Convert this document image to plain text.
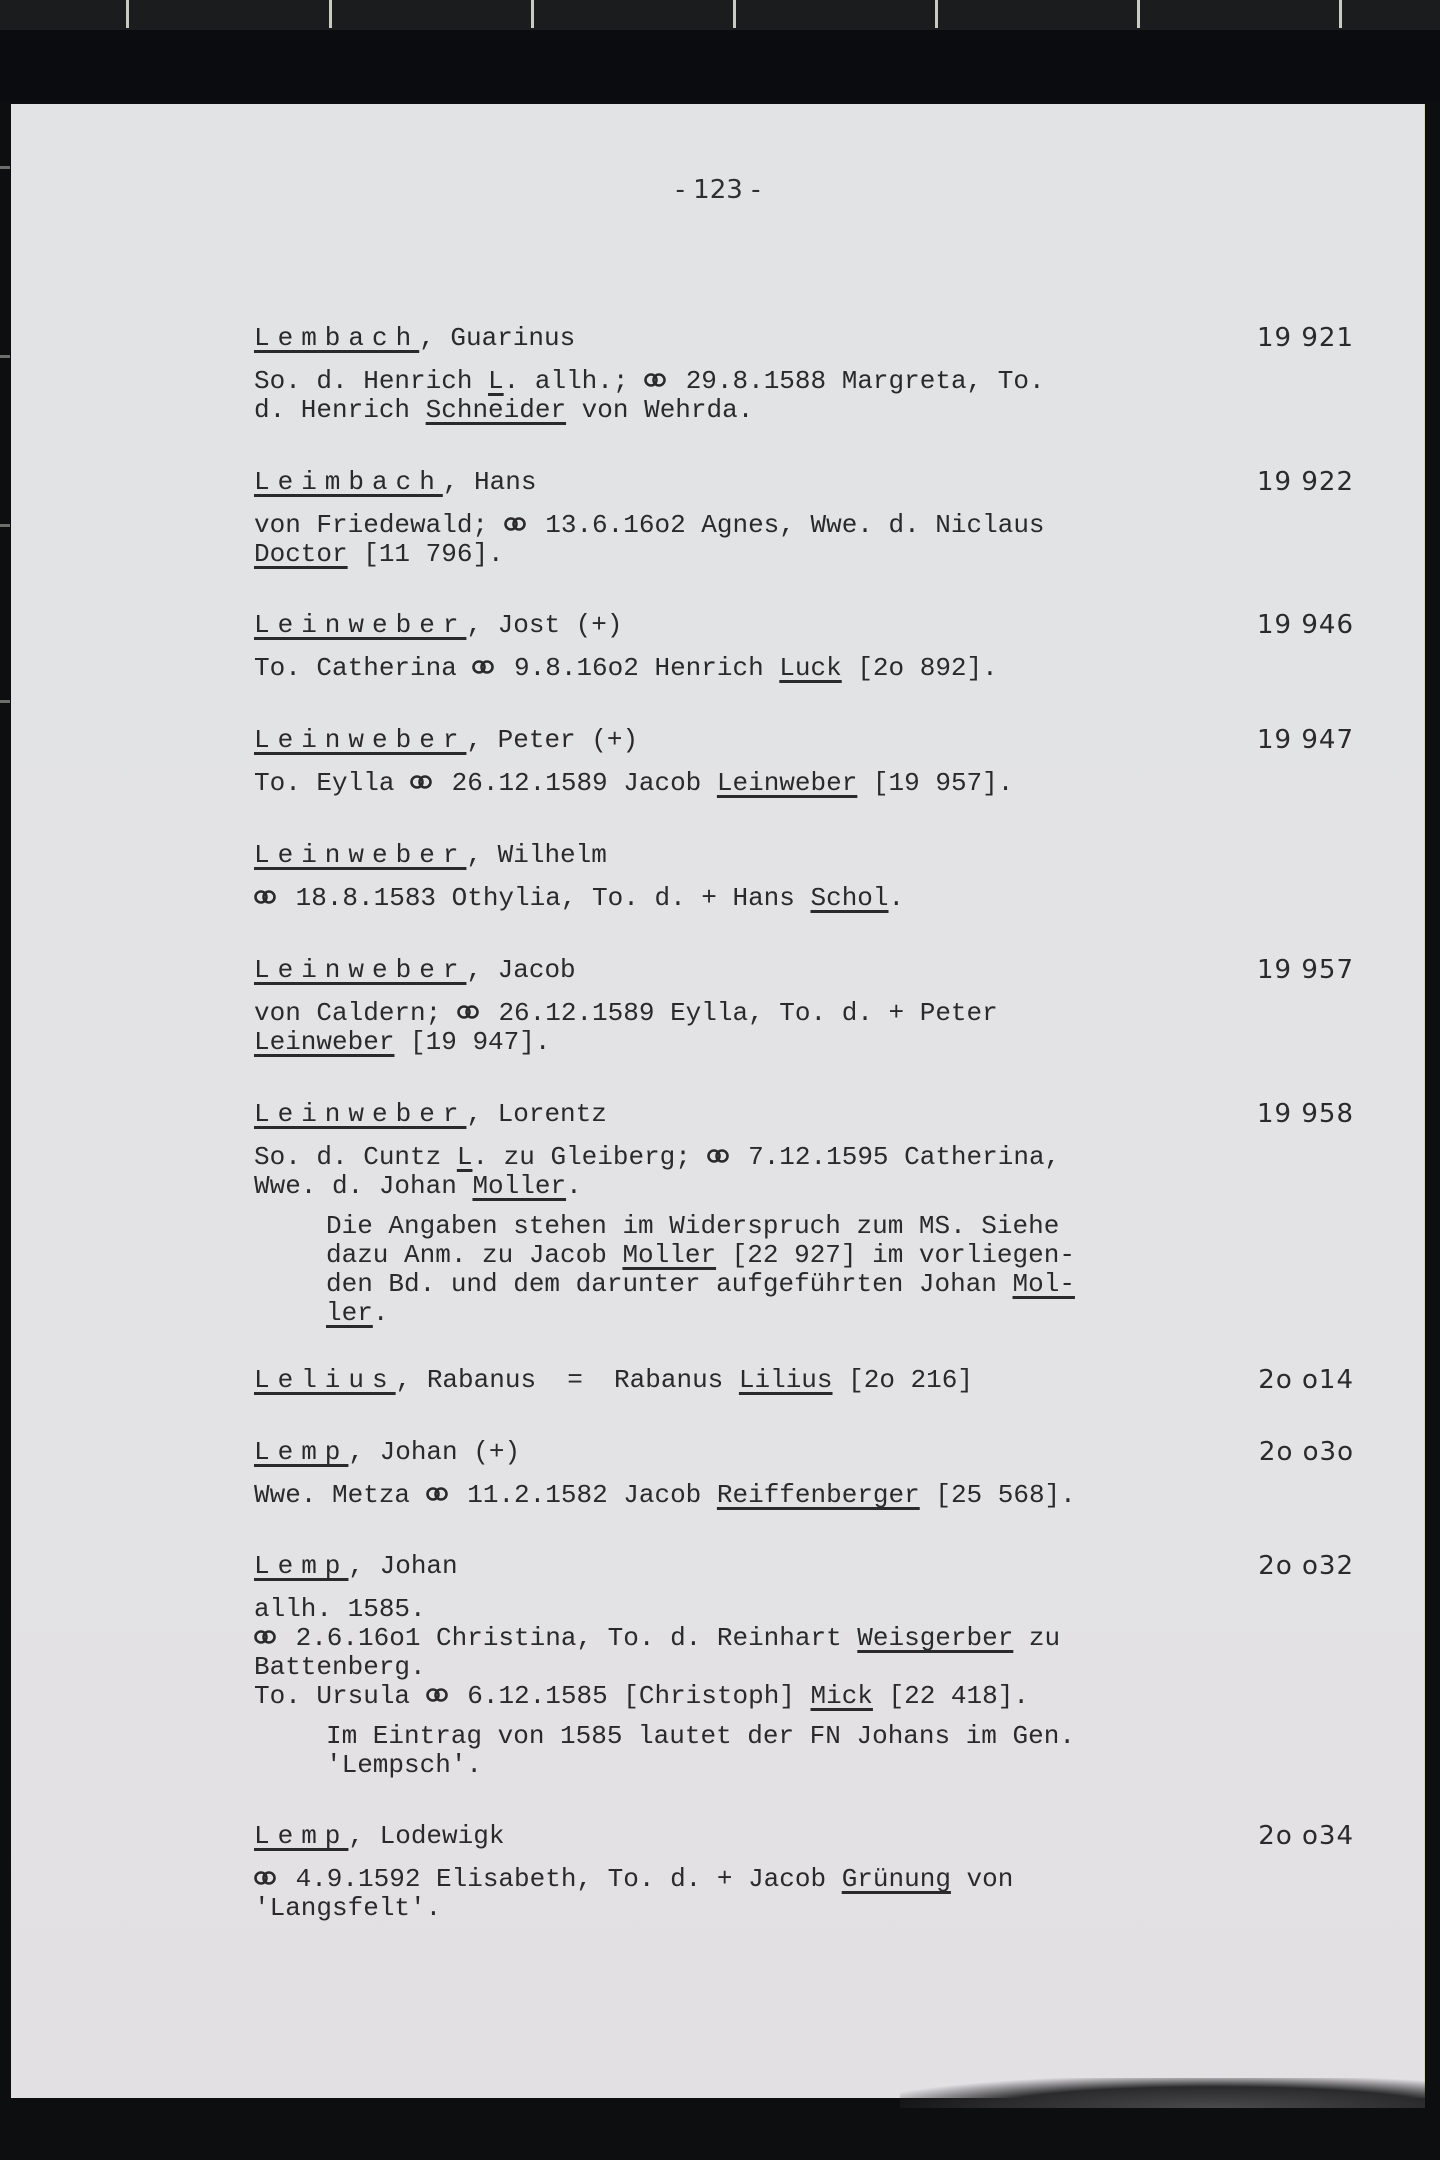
- 123 -
Lembach, Guarinus	19 921
So. d. Henrich L. allh.;  29.8.1588 Margreta, To.
d. Henrich Schneider von Wehrda.
Leimbach, Hans	19 922
von Friedewald;  13.6.16o2 Agnes, Wwe. d. Niclaus
Doctor [11 796].
Leinweber, Jost (+)	19 946
To. Catherina  9.8.16o2 Henrich Luck [2o 892].
Leinweber, Peter (+)	19 947
To. Eylla  26.12.1589 Jacob Leinweber [19 957].
Leinweber, Wilhelm
18.8.1583 Othylia, To. d. + Hans Schol.
Leinweber, Jacob	19 957
von Caldern;  26.12.1589 Eylla, To. d. + Peter
Leinweber [19 947].
Leinweber, Lorentz	19 958
So. d. Cuntz L. zu Gleiberg;  7.12.1595 Catherina,
Wwe. d. Johan Moller.
Die Angaben stehen im Widerspruch zum MS. Siehe
dazu Anm. zu Jacob Moller [22 927] im vorliegen-
den Bd. und dem darunter aufgeführten Johan Mol-
ler.
Lelius, Rabanus  =  Rabanus Lilius [2o 216]	2o o14
Lemp, Johan (+)	2o o3o
Wwe. Metza  11.2.1582 Jacob Reiffenberger [25 568].
Lemp, Johan	2o o32
allh. 1585.
2.6.16o1 Christina, To. d. Reinhart Weisgerber zu
Battenberg.
To. Ursula  6.12.1585 [Christoph] Mick [22 418].
Im Eintrag von 1585 lautet der FN Johans im Gen.
'Lempsch'.
Lemp, Lodewigk	2o o34
4.9.1592 Elisabeth, To. d. + Jacob Grünung von
'Langsfelt'.
